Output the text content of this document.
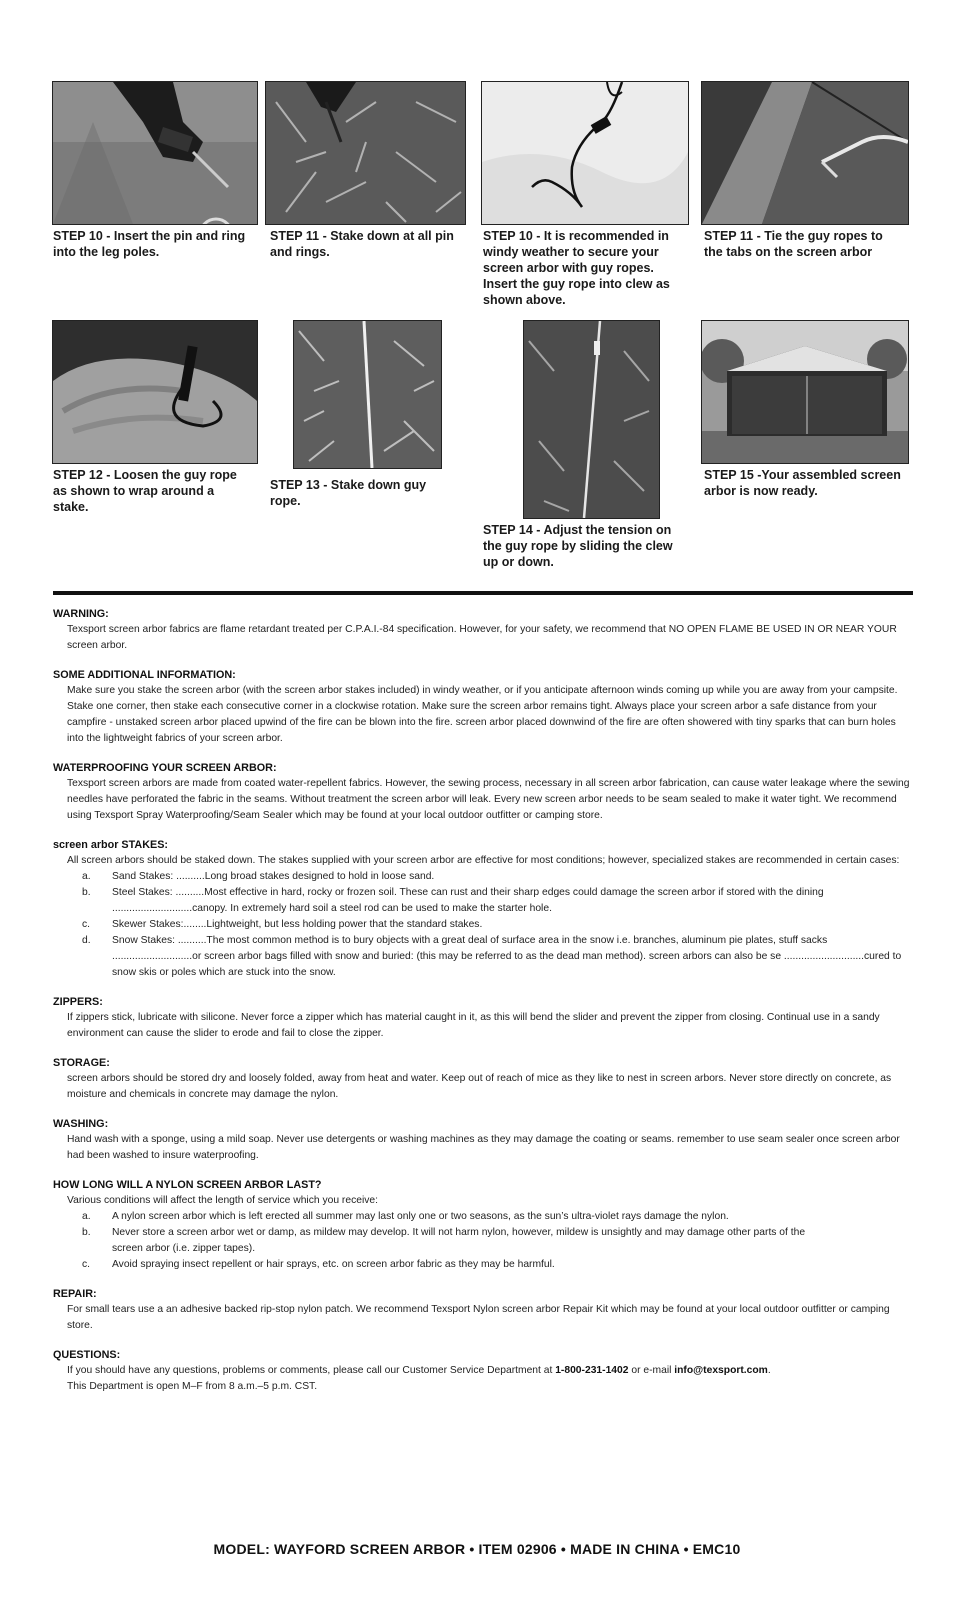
STEP 10 - Insert the pin and ring into the leg poles.
STEP 11 - Stake down at all pin and rings.
STEP 10 - It is recommended in windy weather to secure your screen arbor with guy ropes. Insert the guy rope into clew as shown above.
STEP 11 - Tie the guy ropes to the tabs on the screen arbor
STEP 12 - Loosen the guy rope as shown to wrap around a stake.
STEP 13 - Stake down guy rope.
STEP 14 - Adjust the tension on the guy rope by sliding the clew up or down.
STEP 15 -Your assembled screen arbor is now ready.
WARNING:

Texsport screen arbor fabrics are flame retardant treated per C.P.A.I.-84 specification. However, for your safety, we recommend that NO OPEN FLAME BE USED IN OR NEAR YOUR screen arbor.

SOME ADDITIONAL INFORMATION:

Make sure you stake the screen arbor (with the screen arbor stakes included) in windy weather, or if you anticipate afternoon winds coming up while you are away from your campsite. Stake one corner, then stake each consecutive corner in a clockwise rotation. Make sure the screen arbor remains tight. Always place your screen arbor a safe distance from your campfire - unstaked screen arbor placed upwind of the fire can be blown into the fire. screen arbor placed downwind of the fire are often showered with tiny sparks that can burn holes into the lightweight fabrics of your screen arbor.

WATERPROOFING YOUR SCREEN ARBOR:

Texsport screen arbors are made from coated water-repellent fabrics. However, the sewing process, necessary in all screen arbor fabrication, can cause water leakage where the sewing needles have perforated the fabric in the seams. Without treatment the screen arbor will leak. Every new screen arbor needs to be seam sealed to make it water tight. We recommend using Texsport Spray Waterproofing/Seam Sealer which may be found at your local outdoor outfitter or camping store.

screen arbor STAKES:

All screen arbors should be staked down. The stakes supplied with your screen arbor are effective for most conditions; however, specialized stakes are recommended in certain cases:

a.	Sand Stakes: ..........Long broad stakes designed to hold in loose sand.
b.	Steel Stakes: ..........Most effective in hard, rocky or frozen soil. These can rust and their sharp edges could damage the screen arbor if stored with the dining ............................canopy. In extremely hard soil a steel rod can be used to make the starter hole.
c.	Skewer Stakes:........Lightweight, but less holding power that the standard stakes.
d.	Snow Stakes: ..........The most common method is to bury objects with a great deal of surface area in the snow i.e. branches, aluminum pie plates, stuff sacks ............................or screen arbor bags filled with snow and buried: (this may be referred to as the dead man method). screen arbors can also be se ............................cured to snow skis or poles which are stuck into the snow.
ZIPPERS:

If zippers stick, lubricate with silicone. Never force a zipper which has material caught in it, as this will bend the slider and prevent the zipper from closing. Continual use in a sandy environment can cause the slider to erode and fail to close the zipper.

STORAGE:

screen arbors should be stored dry and loosely folded, away from heat and water. Keep out of reach of mice as they like to nest in screen arbors. Never store directly on concrete, as moisture and chemicals in concrete may damage the nylon.

WASHING:

Hand wash with a sponge, using a mild soap. Never use detergents or washing machines as they may damage the coating or seams. remember to use seam sealer once screen arbor had been washed to insure waterproofing.

HOW LONG WILL A NYLON SCREEN ARBOR LAST?

Various conditions will affect the length of service which you receive:

a.	A nylon screen arbor which is left erected all summer may last only one or two seasons, as the sun’s ultra-violet rays damage the nylon.
b.	Never store a screen arbor wet or damp, as mildew may develop. It will not harm nylon, however, mildew is unsightly and may damage other parts of the screen arbor (i.e. zipper tapes).
c.	Avoid spraying insect repellent or hair sprays, etc. on screen arbor fabric as they may be harmful.
REPAIR:

For small tears use a an adhesive backed rip-stop nylon patch. We recommend Texsport Nylon screen arbor Repair Kit which may be found at your local outdoor outfitter or camping store.

QUESTIONS:

If you should have any questions, problems or comments, please call our Customer Service Department at 1-800-231-1402 or e-mail info@texsport.com.
This Department is open M–F from 8 a.m.–5 p.m. CST.

MODEL: WAYFORD SCREEN ARBOR • ITEM 02906 • MADE IN CHINA • EMC10
